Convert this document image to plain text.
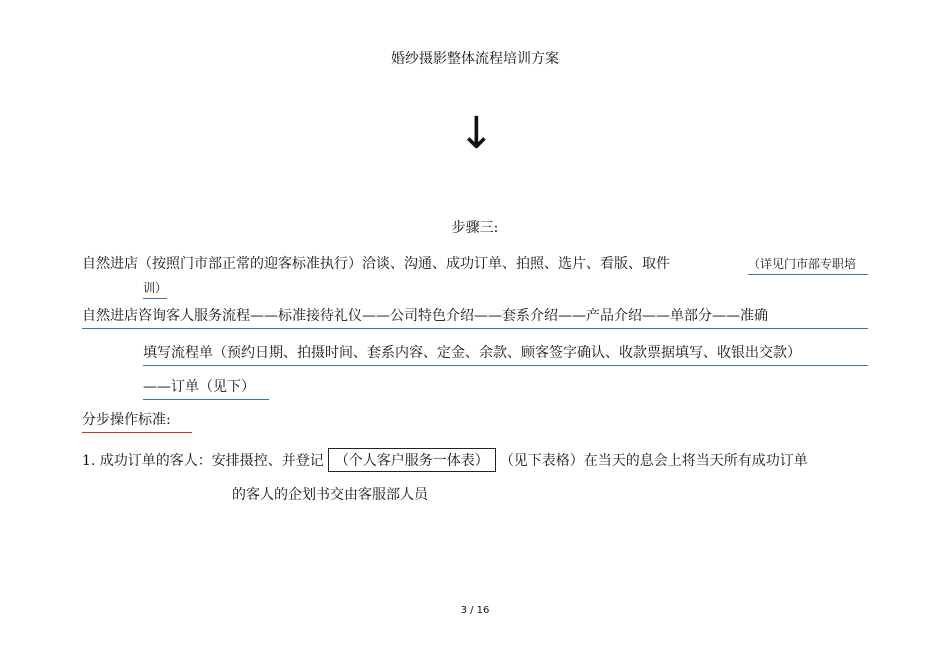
婚纱摄影整体流程培训方案
↓
步骤三:
自然进店（按照门市部正常的迎客标准执行）洽谈、沟通、成功订单、拍照、选片、看版、取件	（详见门市部专职培
训）
自然进店咨询客人服务流程——标准接待礼仪——公司特色介绍——套系介绍——产品介绍——单部分——准确
填写流程单（预约日期、拍摄时间、套系内容、定金、余款、顾客签字确认、收款票据填写、收银出交款）
——订单（见下）
分步操作标准:
1. 成功订单的客人：安排摄控、并登记 （个人客户服务一体表） （见下表格）在当天的息会上将当天所有成功订单
的客人的企划书交由客服部人员
3 / 16
